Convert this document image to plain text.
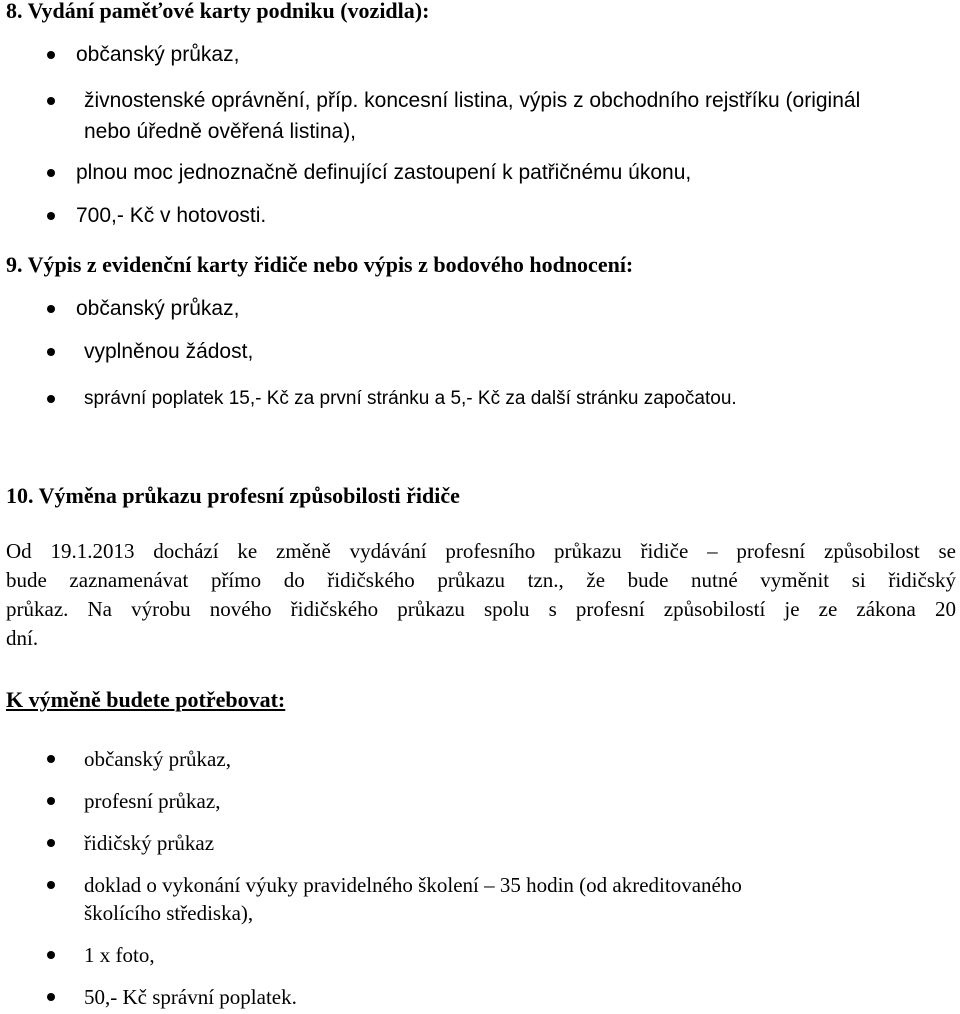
8. Vydání paměťové karty podniku (vozidla):
občanský průkaz,
živnostenské oprávnění, příp. koncesní listina, výpis z obchodního rejstříku (originál
nebo úředně ověřená listina),
plnou moc jednoznačně definující zastoupení k patřičnému úkonu,
700,- Kč v hotovosti.
9. Výpis z evidenční karty řidiče nebo výpis z bodového hodnocení:
občanský průkaz,
vyplněnou žádost,
správní poplatek 15,- Kč za první stránku a 5,- Kč za další stránku započatou.
10. Výměna průkazu profesní způsobilosti řidiče
Od 19.1.2013 dochází ke změně vydávání profesního průkazu řidiče – profesní způsobilost se
bude zaznamenávat přímo do řidičského průkazu tzn., že bude nutné vyměnit si řidičský
průkaz. Na výrobu nového řidičského průkazu spolu s profesní způsobilostí je ze zákona 20
dní.
K výměně budete potřebovat:
občanský průkaz,
profesní průkaz,
řidičský průkaz
doklad o vykonání výuky pravidelného školení – 35 hodin (od akreditovaného
školícího střediska),
1 x foto,
50,- Kč správní poplatek.
